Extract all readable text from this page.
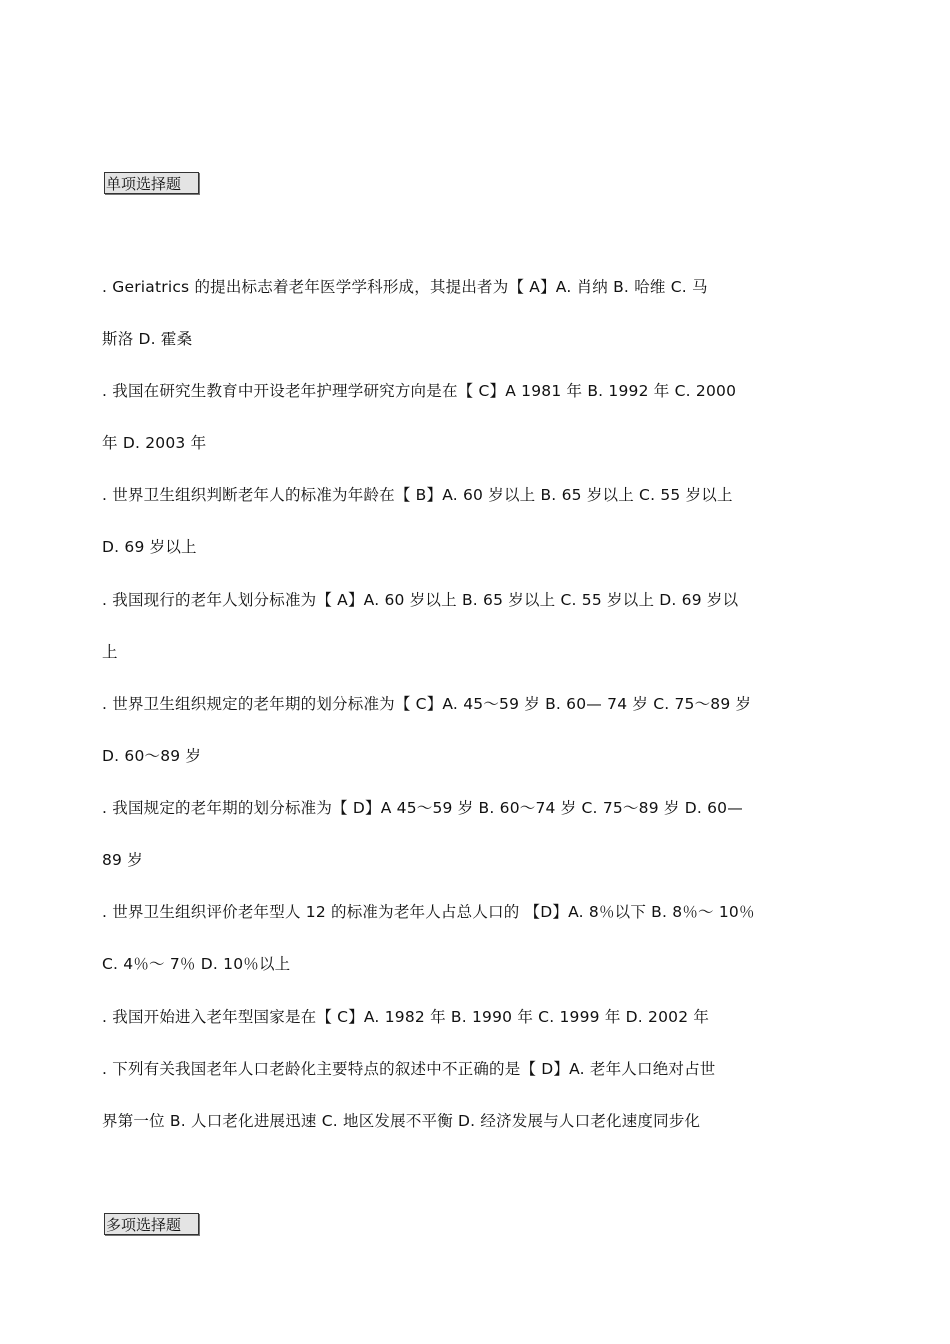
单项选择题
. Geriatrics 的提出标志着老年医学学科形成，其提出者为【 A】A. 肖纳 B. 哈维 C. 马
斯洛 D. 霍桑
. 我国在研究生教育中开设老年护理学研究方向是在【 C】A 1981 年 B. 1992 年 C. 2000
年 D. 2003 年
. 世界卫生组织判断老年人的标准为年龄在【 B】A. 60 岁以上 B. 65 岁以上 C. 55 岁以上
D. 69 岁以上
. 我国现行的老年人划分标准为【 A】A. 60 岁以上 B. 65 岁以上 C. 55 岁以上 D. 69 岁以
上
. 世界卫生组织规定的老年期的划分标准为【 C】A. 45～59 岁 B. 60— 74 岁 C. 75～89 岁
D. 60～89 岁
. 我国规定的老年期的划分标准为【 D】A 45～59 岁 B. 60～74 岁 C. 75～89 岁 D. 60—
89 岁
. 世界卫生组织评价老年型人 12 的标准为老年人占总人口的 【D】A. 8％以下 B. 8％～ 10％
C. 4％～ 7％ D. 10％以上
. 我国开始进入老年型国家是在【 C】A. 1982 年 B. 1990 年 C. 1999 年 D. 2002 年
. 下列有关我国老年人口老龄化主要特点的叙述中不正确的是【 D】A. 老年人口绝对占世
界第一位 B. 人口老化进展迅速 C. 地区发展不平衡 D. 经济发展与人口老化速度同步化
多项选择题
